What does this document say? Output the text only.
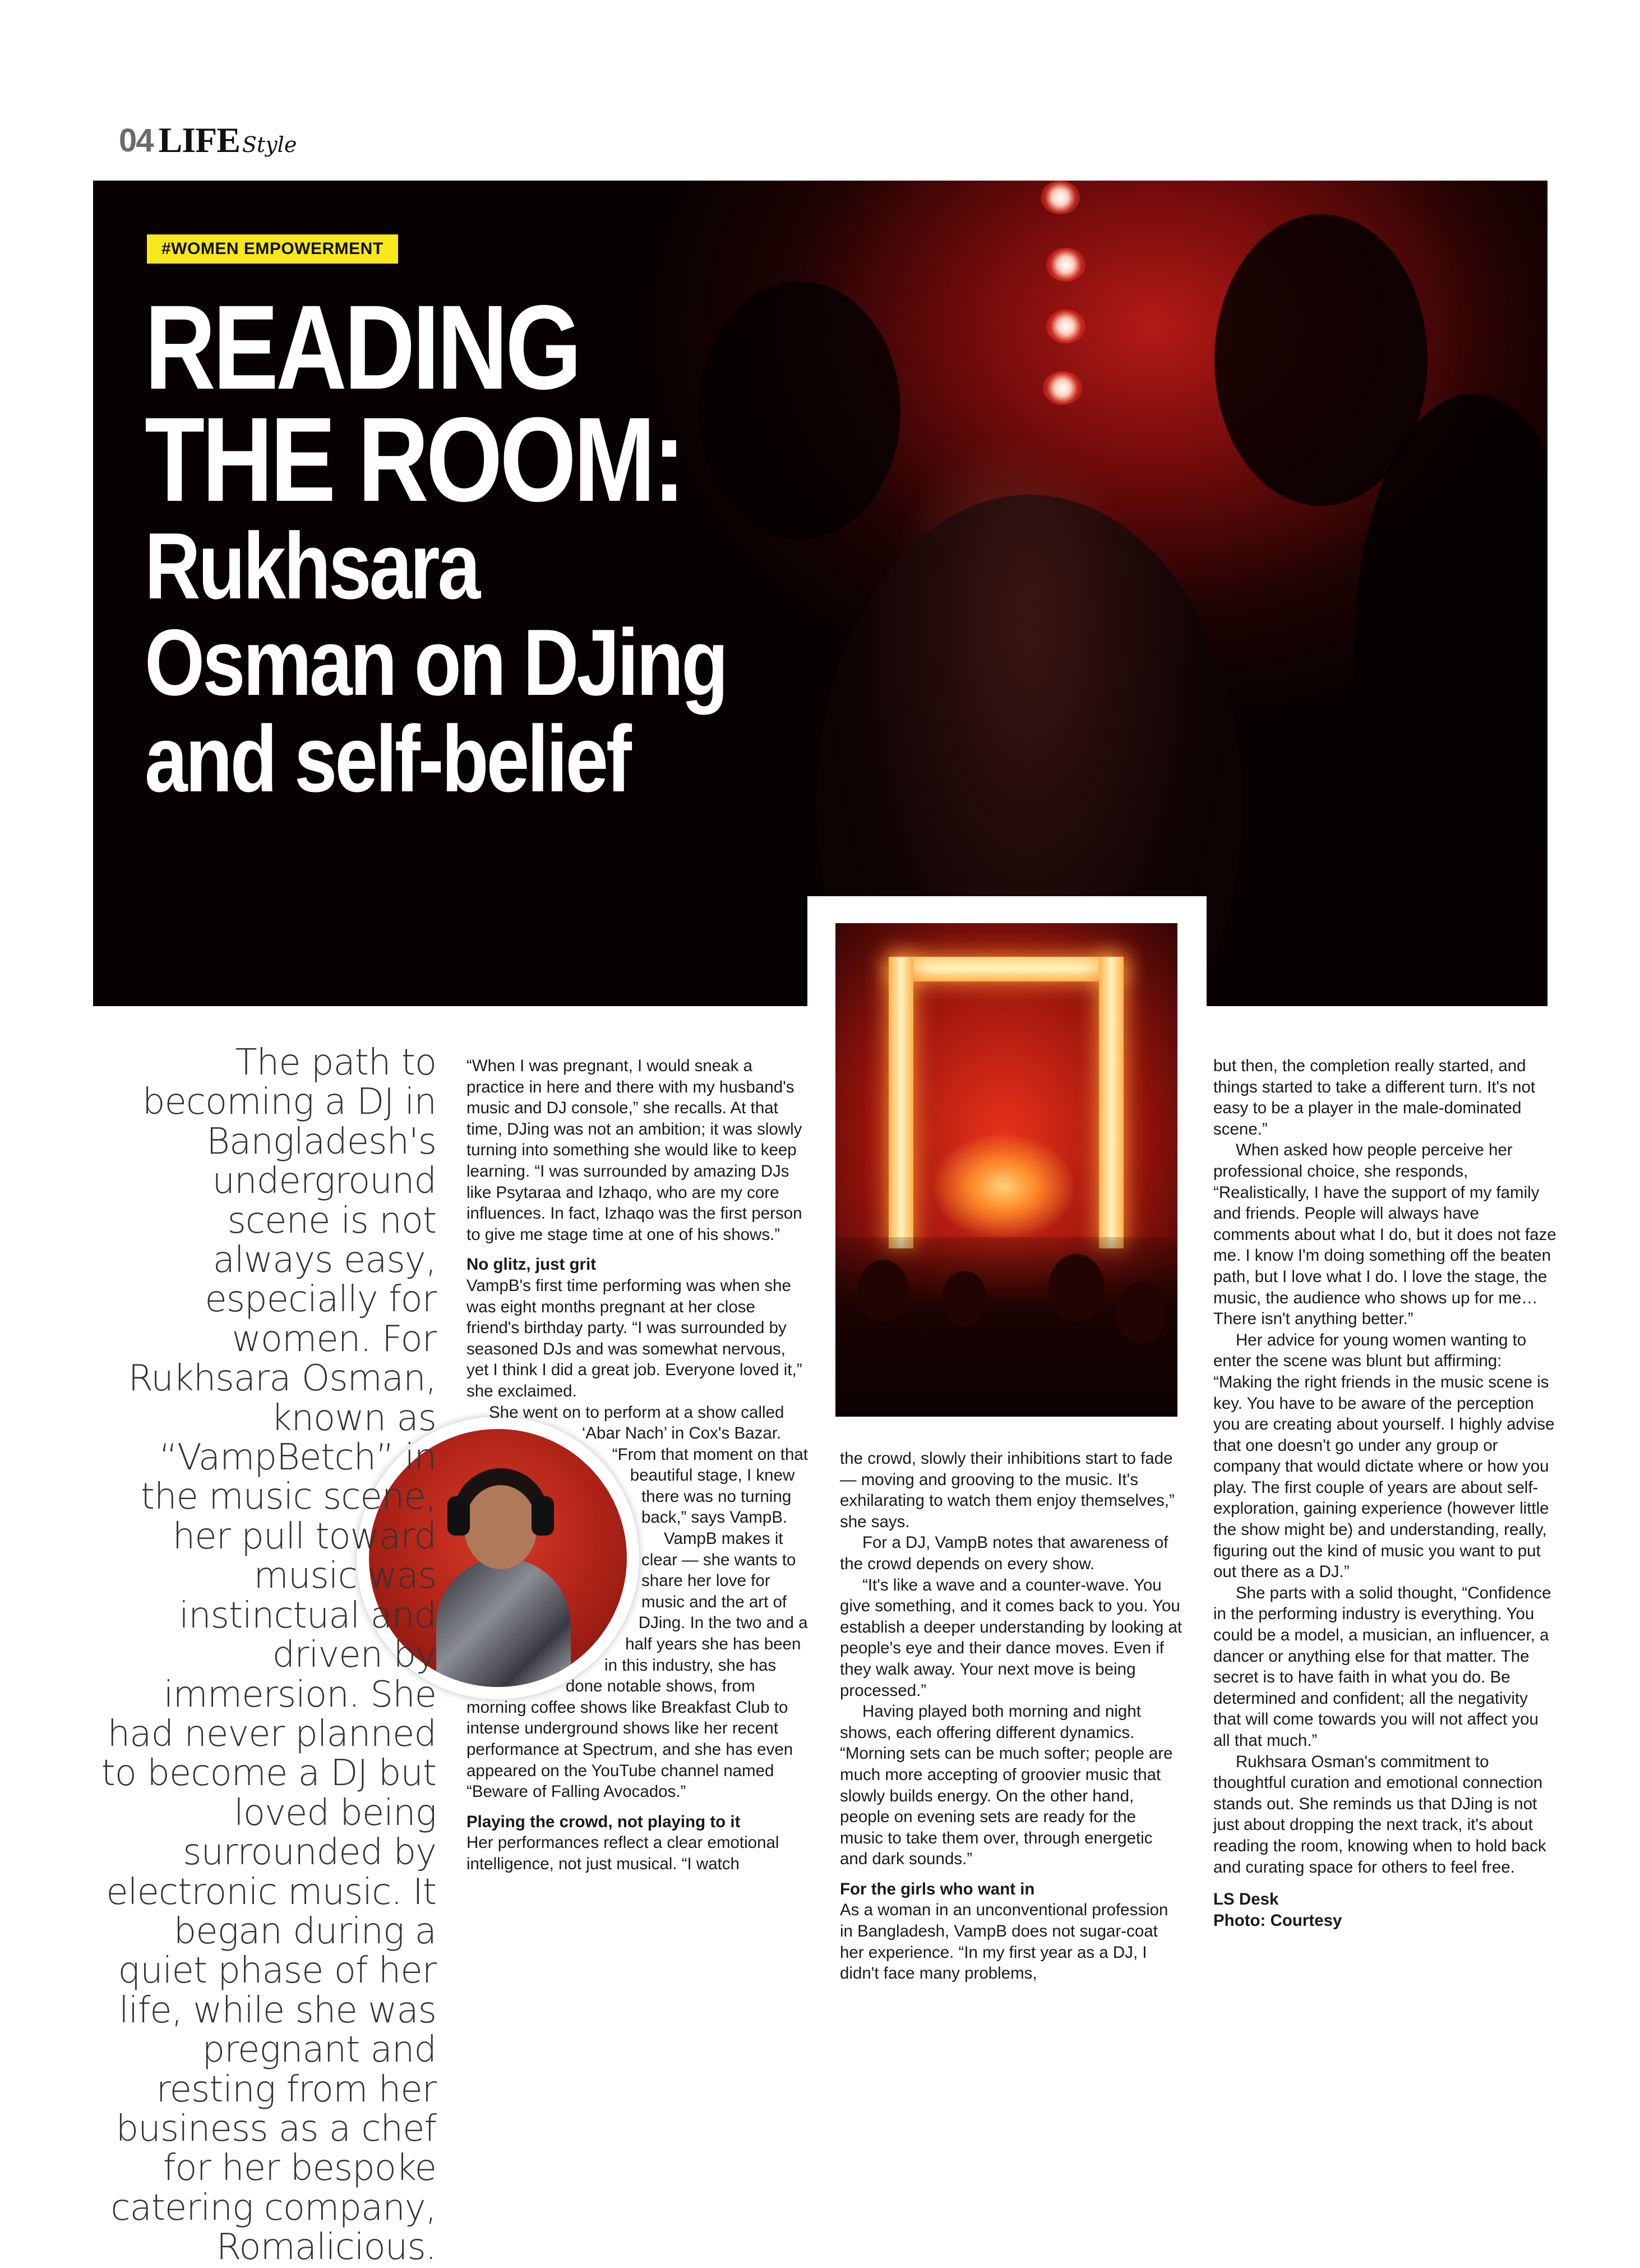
04 LIFE Style
#WOMEN EMPOWERMENT
READING
THE ROOM:
Rukhsara
Osman on DJing
and self-belief
The path to becoming a DJ in Bangladesh's underground scene is not always easy, especially for women. For Rukhsara Osman, known as “VampBetch” in the music scene, her pull toward music was instinctual and driven by immersion. She had never planned to become a DJ but loved being surrounded by electronic music. It began during a quiet phase of her life, while she was pregnant and resting from her business as a chef for her bespoke catering company, Romalicious.

“When I was pregnant, I would sneak a practice in here and there with my husband's music and DJ console,” she recalls. At that time, DJing was not an ambition; it was slowly turning into something she would like to keep learning. “I was surrounded by amazing DJs like Psytaraa and Izhaqo, who are my core influences. In fact, Izhaqo was the first person to give me stage time at one of his shows.”

No glitz, just grit

VampB's first time performing was when she was eight months pregnant at her close friend's birthday party. “I was surrounded by seasoned DJs and was somewhat nervous, yet I think I did a great job. Everyone loved it,” she exclaimed.

She went on to perform at a show called ‘Abar Nach’ in Cox's Bazar. “From that moment on that beautiful stage, I knew there was no turning back,” says VampB.

VampB makes it clear — she wants to share her love for music and the art of DJing. In the two and a half years she has been in this industry, she has done notable shows, from morning coffee shows like Breakfast Club to intense underground shows like her recent performance at Spectrum, and she has even appeared on the YouTube channel named “Beware of Falling Avocados.”

Playing the crowd, not playing to it

Her performances reflect a clear emotional intelligence, not just musical. “I watch

the crowd, slowly their inhibitions start to fade — moving and grooving to the music. It's exhilarating to watch them enjoy themselves,” she says.

For a DJ, VampB notes that awareness of the crowd depends on every show.

“It's like a wave and a counter-wave. You give something, and it comes back to you. You establish a deeper understanding by looking at people's eye and their dance moves. Even if they walk away. Your next move is being processed.”

Having played both morning and night shows, each offering different dynamics. “Morning sets can be much softer; people are much more accepting of groovier music that slowly builds energy. On the other hand, people on evening sets are ready for the music to take them over, through energetic and dark sounds.”

For the girls who want in

As a woman in an unconventional profession in Bangladesh, VampB does not sugar-coat her experience. “In my first year as a DJ, I didn't face many problems,

but then, the completion really started, and things started to take a different turn. It's not easy to be a player in the male-dominated scene.”

When asked how people perceive her professional choice, she responds, “Realistically, I have the support of my family and friends. People will always have comments about what I do, but it does not faze me. I know I'm doing something off the beaten path, but I love what I do. I love the stage, the music, the audience who shows up for me… There isn't anything better.”

Her advice for young women wanting to enter the scene was blunt but affirming: “Making the right friends in the music scene is key. You have to be aware of the perception you are creating about yourself. I highly advise that one doesn't go under any group or company that would dictate where or how you play. The first couple of years are about self-exploration, gaining experience (however little the show might be) and understanding, really, figuring out the kind of music you want to put out there as a DJ.”

She parts with a solid thought, “Confidence in the performing industry is everything. You could be a model, a musician, an influencer, a dancer or anything else for that matter. The secret is to have faith in what you do. Be determined and confident; all the negativity that will come towards you will not affect you all that much.”

Rukhsara Osman's commitment to thoughtful curation and emotional connection stands out. She reminds us that DJing is not just about dropping the next track, it's about reading the room, knowing when to hold back and curating space for others to feel free.

LS Desk

Photo: Courtesy
